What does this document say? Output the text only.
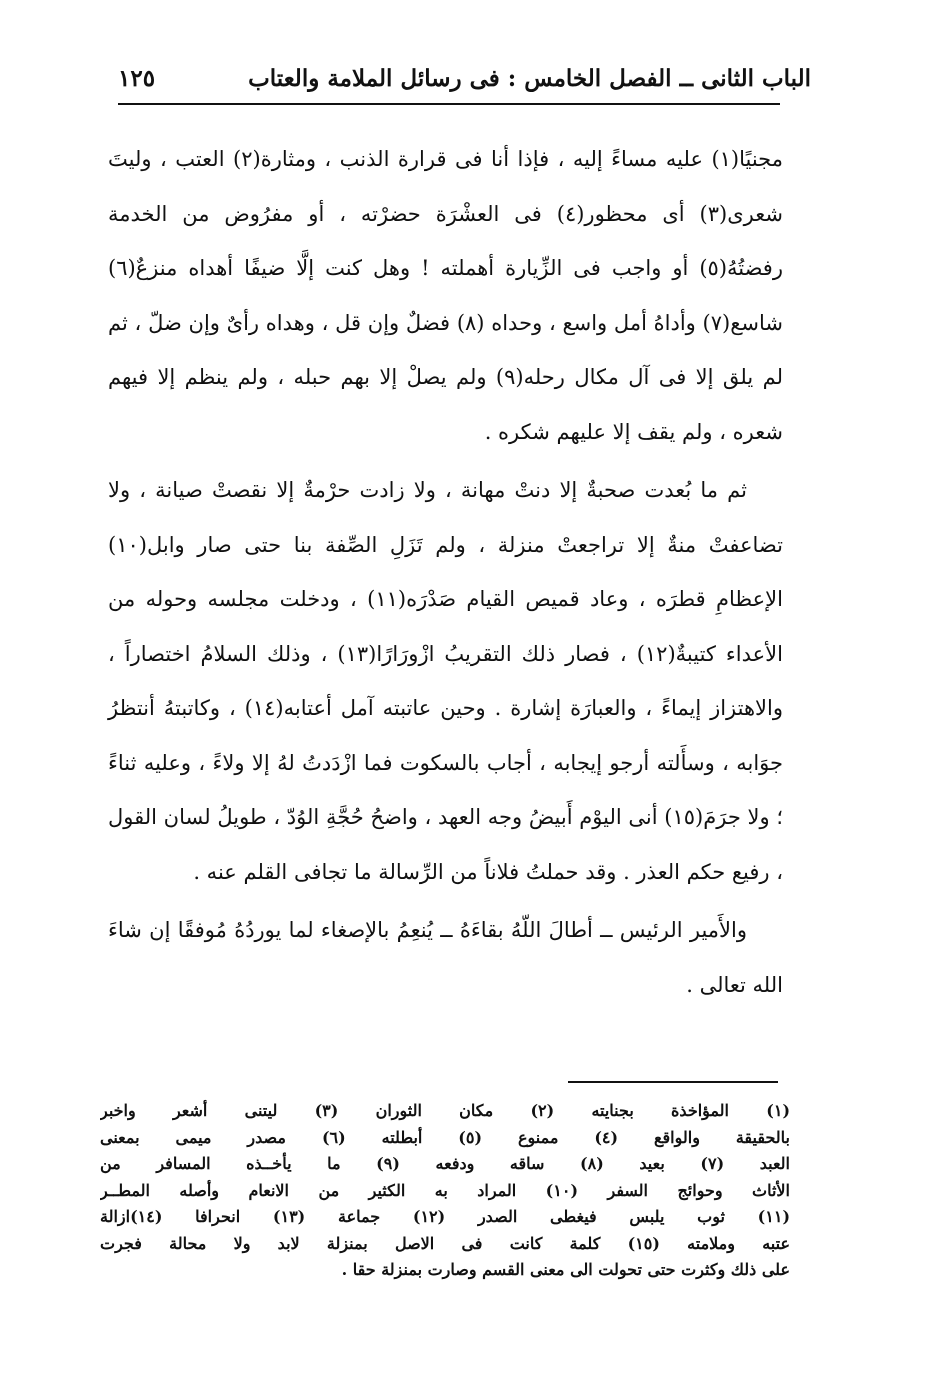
الباب الثانى ــ الفصل الخامس : فى رسائل الملامة والعتاب
١٢٥

مجنيًا(١) عليه مساءً إليه ، فإذا أنا فى قرارة الذنب ، ومثارة(٢) العتب ، وليتَ شعرى(٣) أى محظور(٤) فى العشْرَة حضرْته ، أو مفرُوض من الخدمة رفضتُهُ(٥) أو واجب فى الزِّيارة أهملته ! وهل كنت إلَّا ضيفًا أهداه منزعٌ(٦) شاسع(٧) وأداهُ أمل واسع ، وحداه (٨) فضلٌ وإن قل ، وهداه رأىٌ وإن ضلّ ، ثم لم يلق إلا فى آل مكال رحله(٩) ولم يصلْ إلا بهم حبله ، ولم ينظم إلا فيهم شعره ، ولم يقف إلا عليهم شكره .

ثم ما بُعدت صحبةٌ إلا دنتْ مهانة ، ولا زادت حرْمةٌ إلا نقصتْ صيانة ، ولا تضاعفتْ منةٌ إلا تراجعتْ منزلة ، ولم تَزَلِ الصِّفة بنا حتى صار وابل(١٠) الإعظامِ قطرَه ، وعاد قميص القيام صَدْرَه(١١) ، ودخلت مجلسه وحوله من الأعداء كتيبةٌ(١٢) ، فصار ذلك التقريبُ ازْورَارًا(١٣) ، وذلك السلامُ اختصاراً ، والاهتزاز إيماءً ، والعبارَة إشارة . وحين عاتبته آمل أعتابه(١٤) ، وكاتبتهُ أنتظرُ جوَابه ، وسأَلته أرجو إيجابه ، أجاب بالسكوت فما ازْدَدتُ لهُ إلا ولاءً ، وعليه ثناءً ؛ ولا جرَمَ(١٥) أنى اليوْم أَبيضُ وجه العهد ، واضحُ حُجَّةِ الوُدّ ، طويلُ لسان القول ، رفيع حكم العذر . وقد حملتُ فلاناً من الرِّسالة ما تجافى القلم عنه .

والأَمير الرئيس ــ أطالَ اللّهُ بقاءَهُ ــ يُنعِمُ بالإصغاء لما يوردُهُ مُوفقًا إن شاءَ الله تعالى .

(١) المؤاخذة بجنايته (٢) مكان الثوران (٣) ليتنى أشعر واخبر
بالحقيقة والواقع (٤) ممنوع (٥) أبطلته (٦) مصدر ميمى بمعنى
العبد (٧) بعيد (٨) ساقه ودفعه (٩) ما يأخــذه المسافر من
الأثاث وحوائج السفر (١٠) المراد به الكثير من الانعام وأصله المطــر
(١١) ثوب يلبس فيغطى الصدر (١٢) جماعة (١٣) انحرافا (١٤)ازالة
عتبه وملامته (١٥) كلمة كانت فى الاصل بمنزلة لابد ولا محالة فجرت
على ذلك وكثرت حتى تحولت الى معنى القسم وصارت بمنزلة حقا .
